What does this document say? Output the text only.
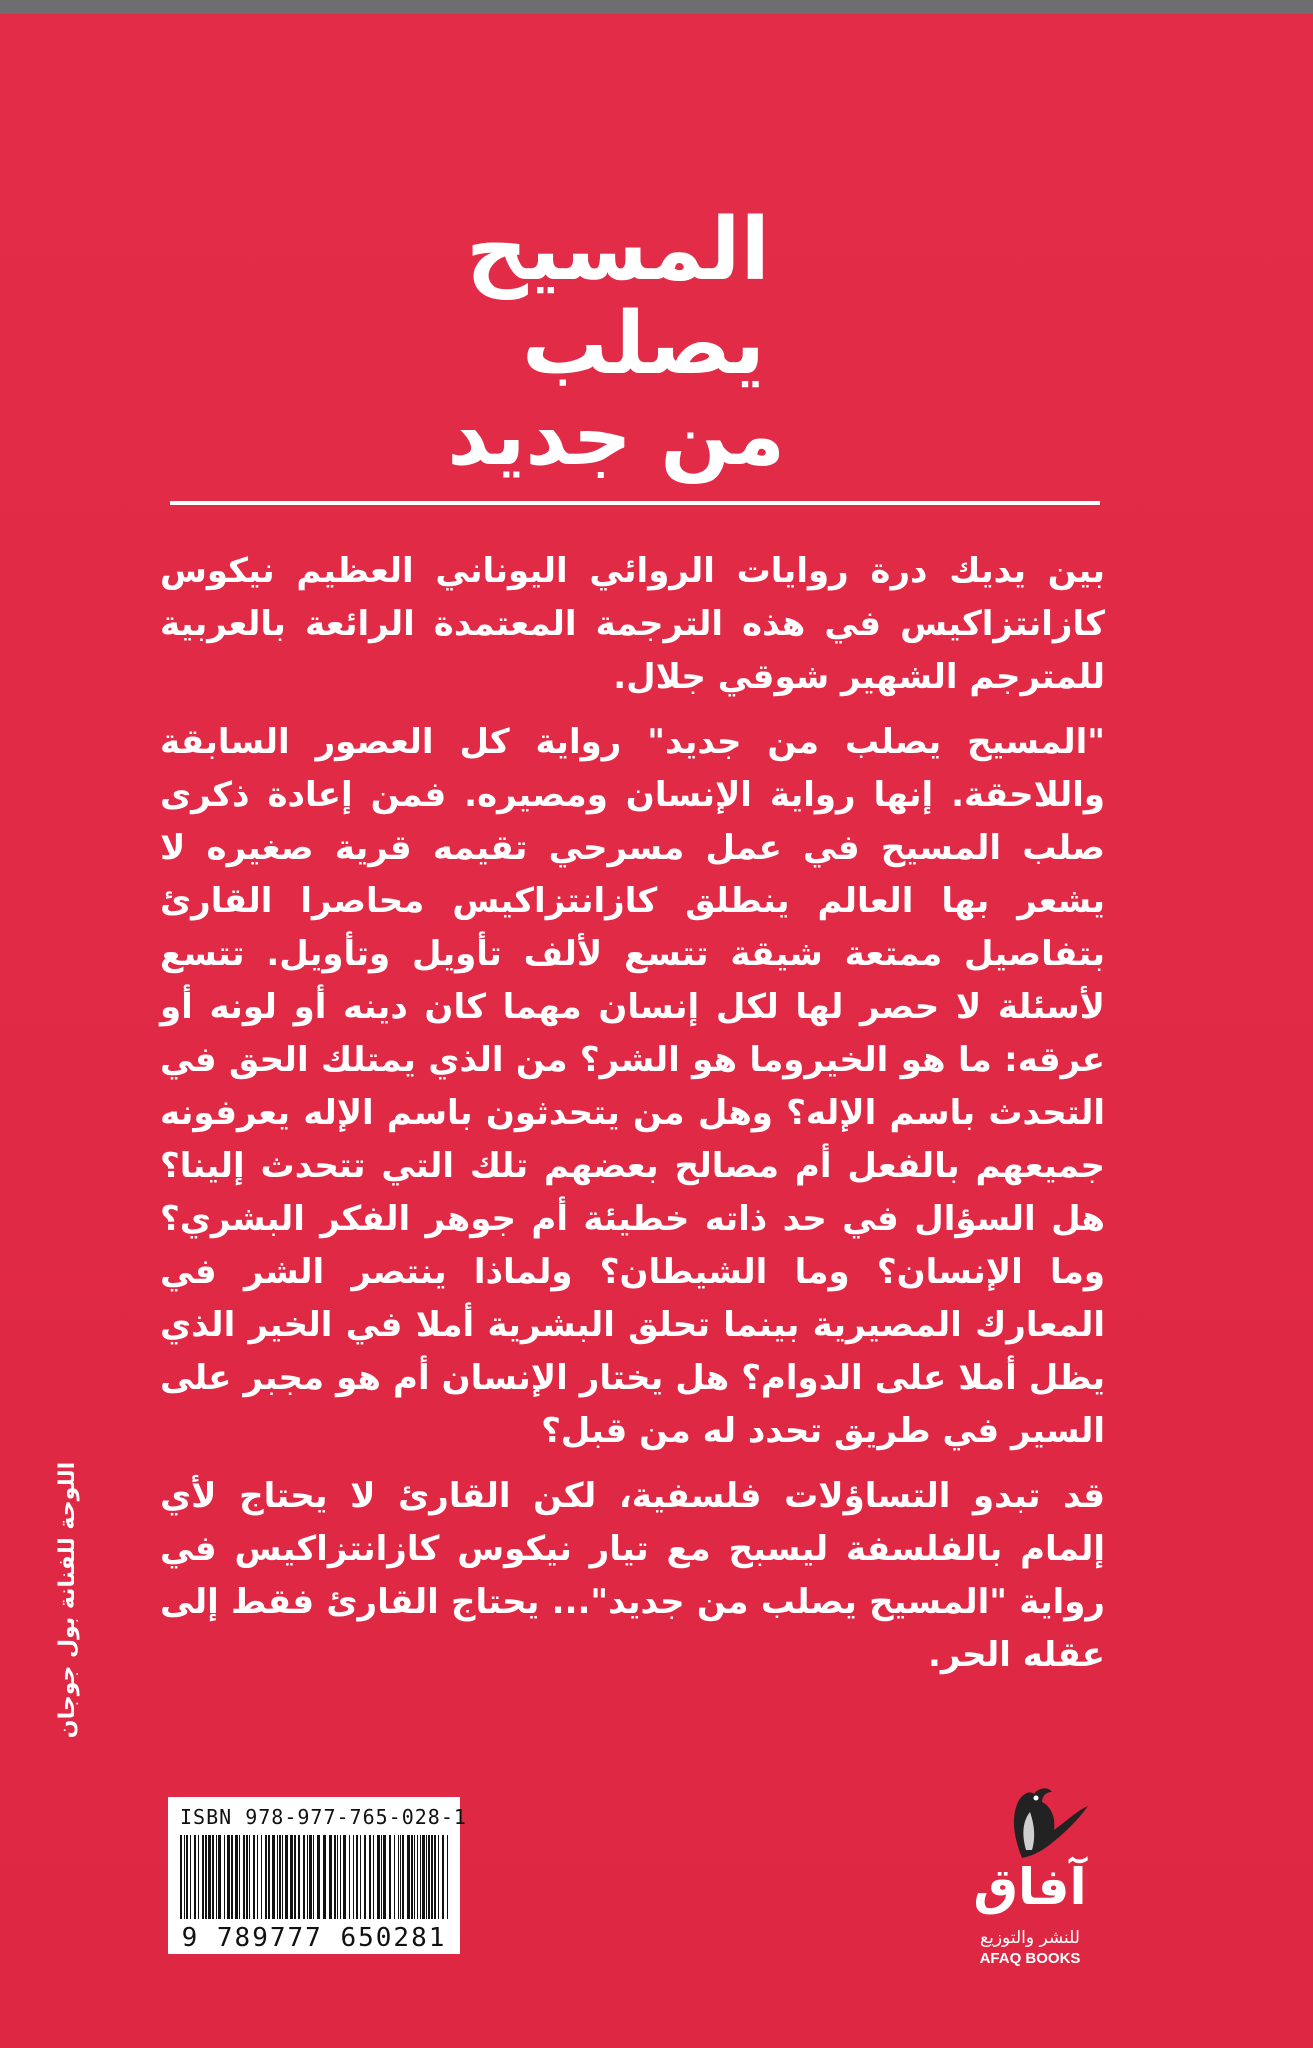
المسيح
يصلب
من جديد

بين يديك درة روايات الروائي اليوناني العظيم نيكوس كازانتزاكيس في هذه الترجمة المعتمدة الرائعة بالعربية للمترجم الشهير شوقي جلال.

"المسيح يصلب من جديد" رواية كل العصور السابقة واللاحقة. إنها رواية الإنسان ومصيره. فمن إعادة ذكرى صلب المسيح في عمل مسرحي تقيمه قرية صغيره لا يشعر بها العالم ينطلق كازانتزاكيس محاصرا القارئ بتفاصيل ممتعة شيقة تتسع لألف تأويل وتأويل. تتسع لأسئلة لا حصر لها لكل إنسان مهما كان دينه أو لونه أو عرقه: ما هو الخيروما هو الشر؟ من الذي يمتلك الحق في التحدث باسم الإله؟ وهل من يتحدثون باسم الإله يعرفونه جميعهم بالفعل أم مصالح بعضهم تلك التي تتحدث إلينا؟ هل السؤال في حد ذاته خطيئة أم جوهر الفكر البشري؟ وما الإنسان؟ وما الشيطان؟ ولماذا ينتصر الشر في المعارك المصيرية بينما تحلق البشرية أملا في الخير الذي يظل أملا على الدوام؟ هل يختار الإنسان أم هو مجبر على السير في طريق تحدد له من قبل؟

قد تبدو التساؤلات فلسفية، لكن القارئ لا يحتاج لأي إلمام بالفلسفة ليسبح مع تيار نيكوس كازانتزاكيس في رواية "المسيح يصلب من جديد"... يحتاج القارئ فقط إلى عقله الحر.

اللوحة للفنانة بول جوجان
ISBN 978-977-765-028-1
9 789777 650281
آفاق
للنشر والتوزيع
AFAQ BOOKS
